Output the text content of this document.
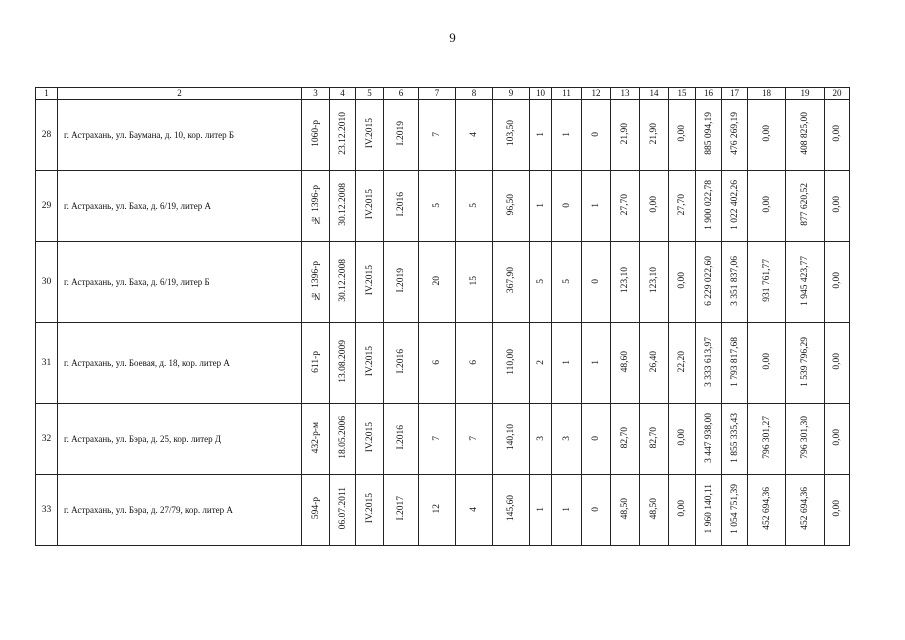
9
1	2	3	4	5	6	7	8	9	10	11	12	13	14	15	16	17	18	19	20
28	г. Астрахань, ул. Баумана, д. 10, кор. литер Б	1060-р	23.12.2010	IV.2015	I.2019	7	4	103,50	1	1	0	21,90	21,90	0,00	885 094,19	476 269,19	0,00	408 825,00	0,00
29	г. Астрахань, ул. Баха, д. 6/19, литер А	№ 1396-р	30.12.2008	IV.2015	I.2016	5	5	96,50	1	0	1	27,70	0,00	27,70	1 900 022,78	1 022 402,26	0,00	877 620,52	0,00
30	г. Астрахань, ул. Баха, д. 6/19, литер Б	№ 1396-р	30.12.2008	IV.2015	I.2019	20	15	367,90	5	5	0	123,10	123,10	0,00	6 229 022,60	3 351 837,06	931 761,77	1 945 423,77	0,00
31	г. Астрахань, ул. Боевая, д. 18, кор. литер А	611-р	13.08.2009	IV.2015	I.2016	6	6	110,00	2	1	1	48,60	26,40	22,20	3 333 613,97	1 793 817,68	0,00	1 539 796,29	0,00
32	г. Астрахань, ул. Бэра, д. 25, кор. литер Д	432-р-м	18.05.2006	IV.2015	I.2016	7	7	140,10	3	3	0	82,70	82,70	0,00	3 447 938,00	1 855 335,43	796 301,27	796 301,30	0,00
33	г. Астрахань, ул. Бэра, д. 27/79, кор. литер А	594-р	06.07.2011	IV.2015	I.2017	12	4	145,60	1	1	0	48,50	48,50	0,00	1 960 140,11	1 054 751,39	452 694,36	452 694,36	0,00
